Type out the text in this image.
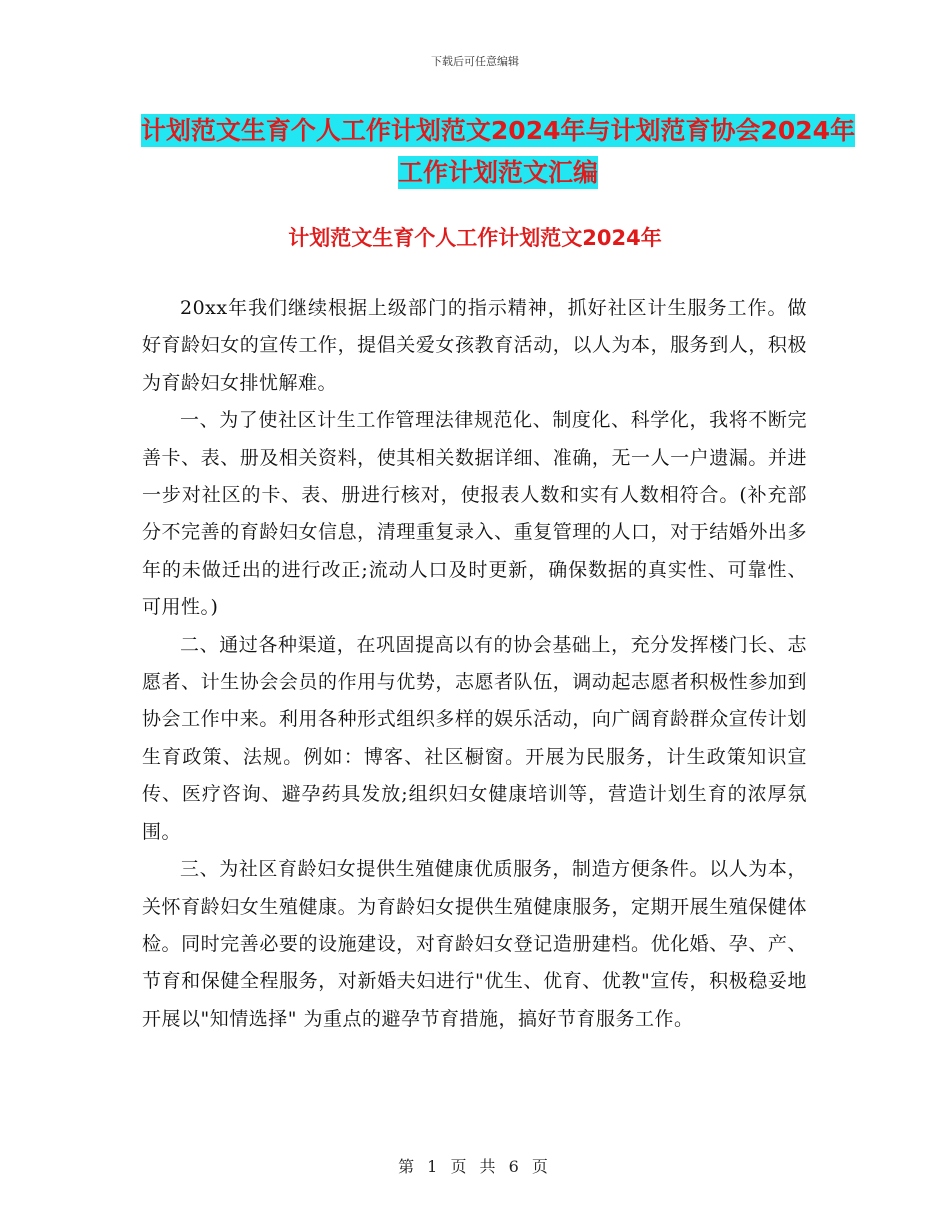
下载后可任意编辑
计划范文生育个人工作计划范文2024年与计划范育协会2024年工作计划范文汇编
计划范文生育个人工作计划范文2024年

20xx年我们继续根据上级部门的指示精神，抓好社区计生服务工作。做好育龄妇女的宣传工作，提倡关爱女孩教育活动，以人为本，服务到人，积极为育龄妇女排忧解难。

一、为了使社区计生工作管理法律规范化、制度化、科学化，我将不断完善卡、表、册及相关资料，使其相关数据详细、准确，无一人一户遗漏。并进一步对社区的卡、表、册进行核对，使报表人数和实有人数相符合。(补充部分不完善的育龄妇女信息，清理重复录入、重复管理的人口，对于结婚外出多年的未做迁出的进行改正;流动人口及时更新，确保数据的真实性、可靠性、可用性。)

二、通过各种渠道，在巩固提高以有的协会基础上，充分发挥楼门长、志愿者、计生协会会员的作用与优势，志愿者队伍，调动起志愿者积极性参加到协会工作中来。利用各种形式组织多样的娱乐活动，向广阔育龄群众宣传计划生育政策、法规。例如：博客、社区橱窗。开展为民服务，计生政策知识宣传、医疗咨询、避孕药具发放;组织妇女健康培训等，营造计划生育的浓厚氛围。

三、为社区育龄妇女提供生殖健康优质服务，制造方便条件。以人为本，关怀育龄妇女生殖健康。为育龄妇女提供生殖健康服务，定期开展生殖保健体检。同时完善必要的设施建设，对育龄妇女登记造册建档。优化婚、孕、产、节育和保健全程服务，对新婚夫妇进行"优生、优育、优教"宣传，积极稳妥地开展以"知情选择" 为重点的避孕节育措施，搞好节育服务工作。

第 1 页 共 6 页
